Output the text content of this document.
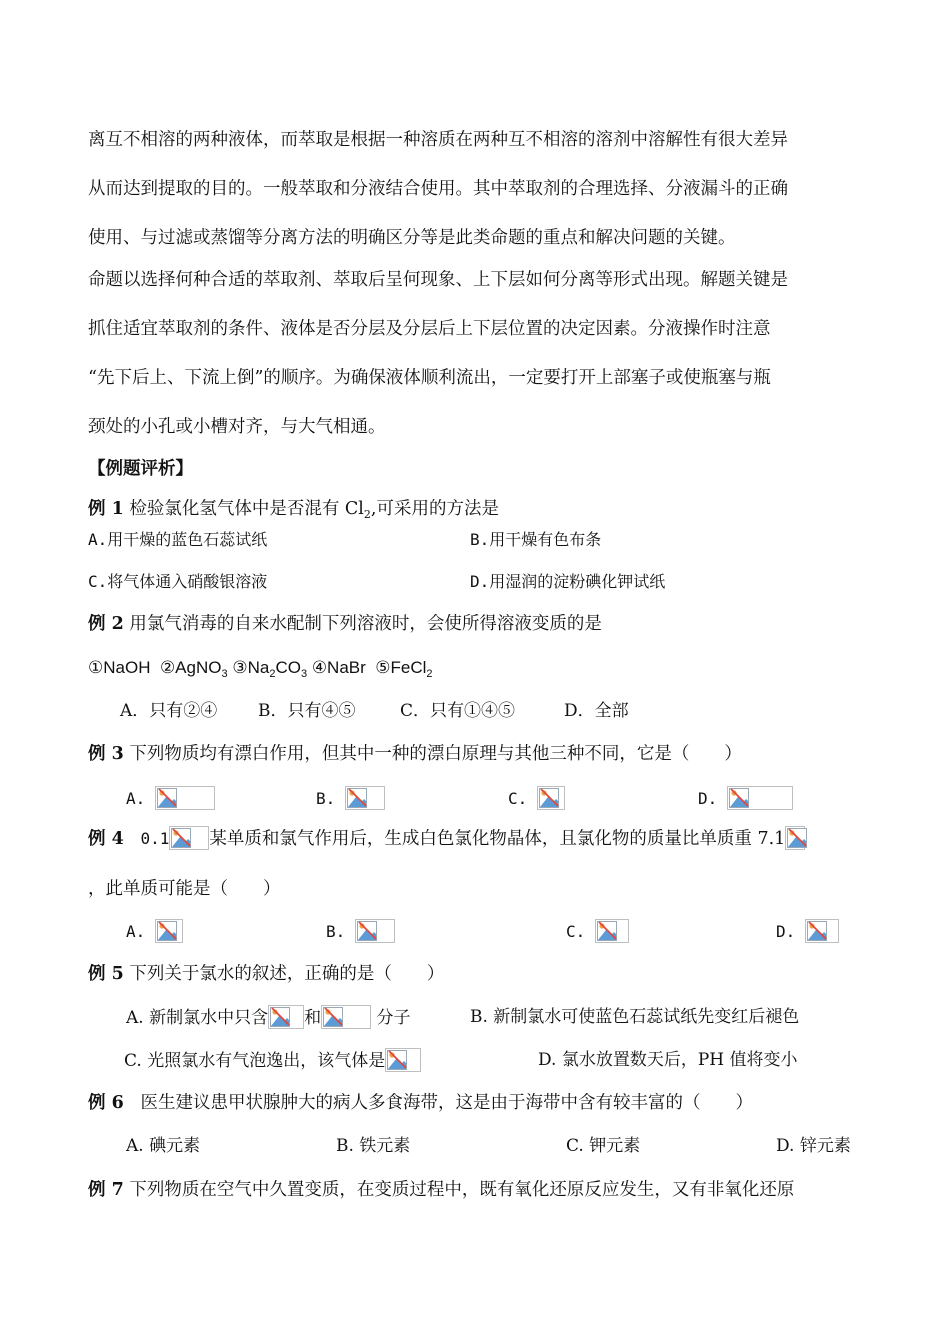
离互不相溶的两种液体，而萃取是根据一种溶质在两种互不相溶的溶剂中溶解性有很大差异
从而达到提取的目的。一般萃取和分液结合使用。其中萃取剂的合理选择、分液漏斗的正确
使用、与过滤或蒸馏等分离方法的明确区分等是此类命题的重点和解决问题的关键。
命题以选择何种合适的萃取剂、萃取后呈何现象、上下层如何分离等形式出现。解题关键是
抓住适宜萃取剂的条件、液体是否分层及分层后上下层位置的决定因素。分液操作时注意
“先下后上、下流上倒”的顺序。为确保液体顺利流出，一定要打开上部塞子或使瓶塞与瓶
颈处的小孔或小槽对齐，与大气相通。
【例题评析】
例 1 检验氯化氢气体中是否混有 $Cl_2$,可采用的方法是
A.用干燥的蓝色石蕊试纸	B.用干燥有色布条
C.将气体通入硝酸银溶液	D.用湿润的淀粉碘化钾试纸
例 2 用氯气消毒的自来水配制下列溶液时，会使所得溶液变质的是
①NaOH ②AgNO$_3$ $③Na_2CO_3$ ④NaBr ⑤FeCl$_2$
A．只有②④ B．只有④⑤	C．只有①④⑤	D．全部
例 3 下列物质均有漂白作用，但其中一种的漂白原理与其他三种不同，它是（　　）
A.	B.	C.	D.
例 4 0.1 某单质和氯气作用后，生成白色氯化物晶体，且氯化物的质量比单质重 7.1
，此单质可能是（　　）
A.	B.	C.	D.
例 5 下列关于氯水的叙述，正确的是（　　）
A. 新制氯水中只含 和	分子	B. 新制氯水可使蓝色石蕊试纸先变红后褪色
C. 光照氯水有气泡逸出，该气体是	D. 氯水放置数天后，PH 值将变小
例 6 医生建议患甲状腺肿大的病人多食海带，这是由于海带中含有较丰富的（　　）
A. 碘元素	B. 铁元素	C. 钾元素	D. 锌元素
例 7 下列物质在空气中久置变质，在变质过程中，既有氧化还原反应发生，又有非氧化还原
